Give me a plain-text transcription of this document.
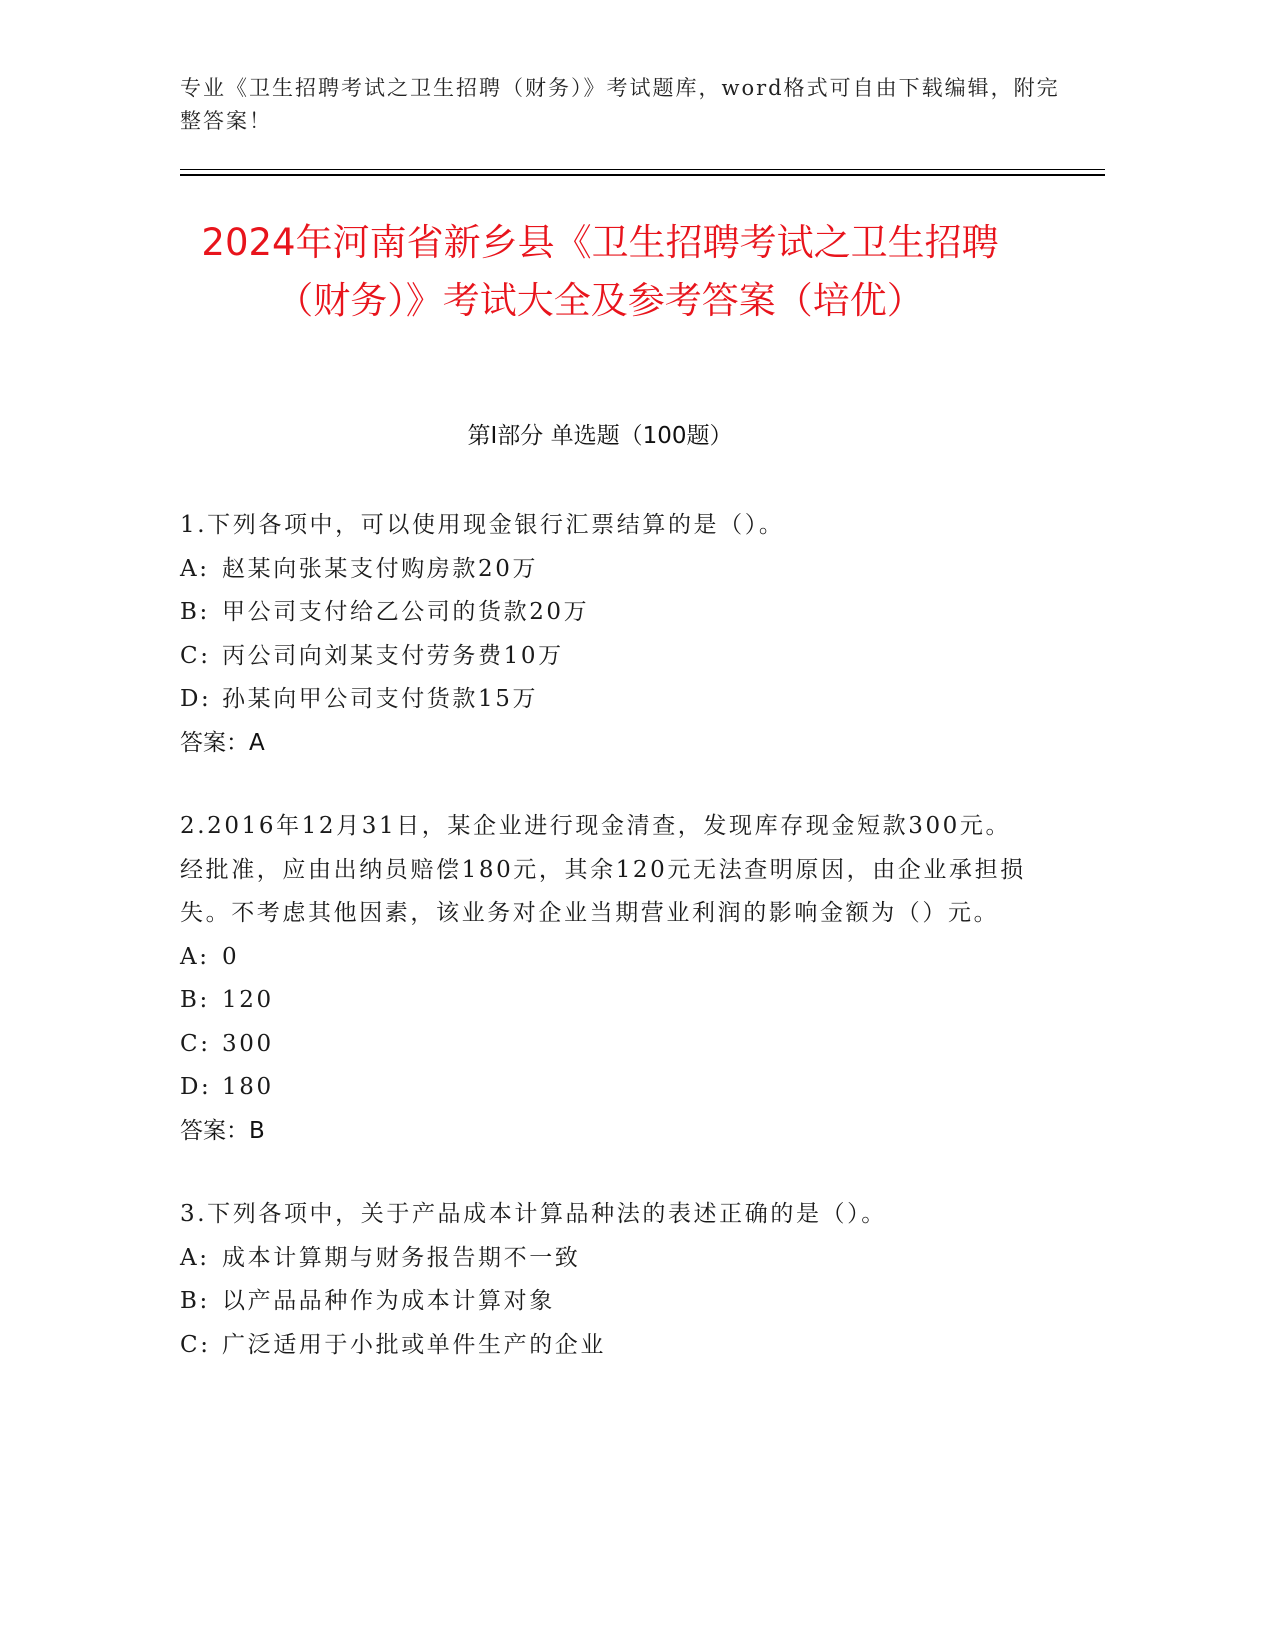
专业《卫生招聘考试之卫生招聘（财务）》考试题库，word格式可自由下载编辑，附完整答案！
2024年河南省新乡县《卫生招聘考试之卫生招聘（财务）》考试大全及参考答案（培优）
第Ⅰ部分 单选题（100题）

1.下列各项中，可以使用现金银行汇票结算的是（）。

A: 赵某向张某支付购房款20万

B: 甲公司支付给乙公司的货款20万

C: 丙公司向刘某支付劳务费10万

D: 孙某向甲公司支付货款15万

答案：A

2.2016年12月31日，某企业进行现金清查，发现库存现金短款300元。经批准，应由出纳员赔偿180元，其余120元无法查明原因，由企业承担损失。不考虑其他因素，该业务对企业当期营业利润的影响金额为（）元。

A: 0

B: 120

C: 300

D: 180

答案：B

3.下列各项中，关于产品成本计算品种法的表述正确的是（）。

A: 成本计算期与财务报告期不一致

B: 以产品品种作为成本计算对象

C: 广泛适用于小批或单件生产的企业
